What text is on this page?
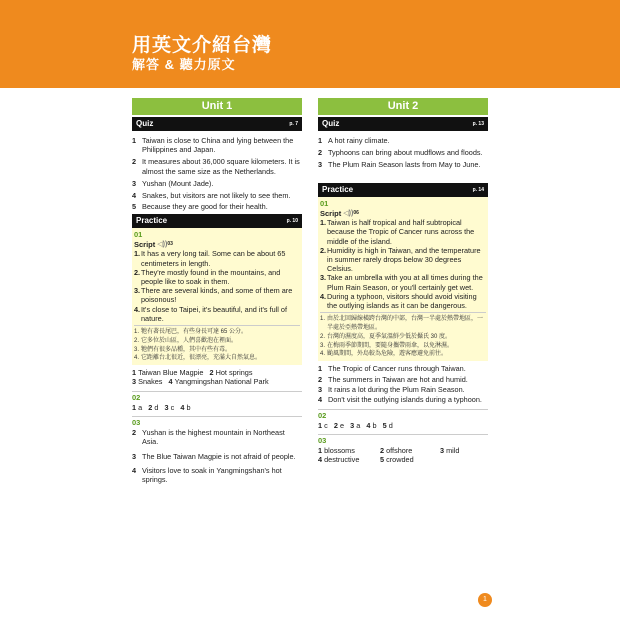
用英文介紹台灣
解答 & 聽力原文
Unit 1
Quiz	p. 7
1 Taiwan is close to China and lying between the Philippines and Japan.
2 It measures about 36,000 square kilometers. It is almost the same size as the Netherlands.
3 Yushan (Mount Jade).
4 Snakes, but visitors are not likely to see them.
5 Because they are good for their health.
Practice	p. 10
01
Script ◁)) 03
1. It has a very long tail. Some can be about 65 centimeters in length.
2. They're mostly found in the mountains, and people like to soak in them.
3. There are several kinds, and some of them are poisonous!
4. It's close to Taipei, it's beautiful, and it's full of nature.
1. 牠有著長尾巴，有些身長可達 65 公分。
2. 它多位於山區，人們喜歡泡在裡面。
3. 牠們有很多品種，其中有些有毒。
4. 它距離台北很近，很漂亮，充滿大自然氣息。
1 Taiwan Blue Magpie 2 Hot springs
3 Snakes 4 Yangmingshan National Park
02
1 a 2 d 3 c 4 b
03
2 Yushan is the highest mountain in Northeast Asia.
3 The Blue Taiwan Magpie is not afraid of people.
4 Visitors love to soak in Yangmingshan's hot springs.
Unit 2
Quiz	p. 13
1 A hot rainy climate.
2 Typhoons can bring about mudflows and floods.
3 The Plum Rain Season lasts from May to June.
Practice	p. 14
01
Script ◁)) 06
1. Taiwan is half tropical and half subtropical because the Tropic of Cancer runs across the middle of the island.
2. Humidity is high in Taiwan, and the temperature in summer rarely drops below 30 degrees Celsius.
3. Take an umbrella with you at all times during the Plum Rain Season, or you'll certainly get wet.
4. During a typhoon, visitors should avoid visiting the outlying islands as it can be dangerous.
1. 由於北回歸線橫跨台灣的中部，台灣一半處於熱帶地區，一半處於亞熱帶地區。
2. 台灣的濕度高，夏季氣溫鮮少低於攝氏 30 度。
3. 在梅雨季節期間，要隨身攜帶雨傘，以免淋濕。
4. 颱風期間，外島較為危險，遊客應避免前往。
1 The Tropic of Cancer runs through Taiwan.
2 The summers in Taiwan are hot and humid.
3 It rains a lot during the Plum Rain Season.
4 Don't visit the outlying islands during a typhoon.
02
1 c 2 e 3 a 4 b 5 d
03
1 blossoms	2 offshore	3 mild
4 destructive	5 crowded
1
